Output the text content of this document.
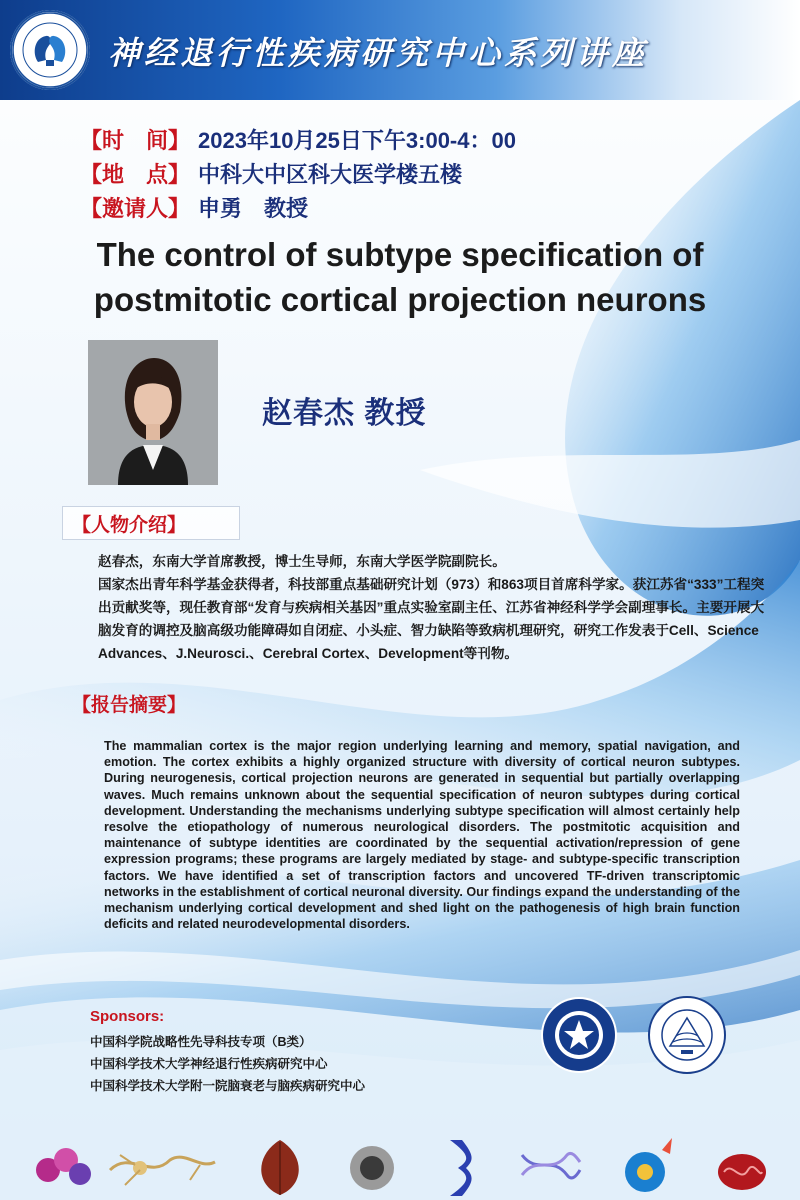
神经退行性疾病研究中心系列讲座
【时　间】 2023年10月25日下午3:00-4：00
【地　点】 中科大中区科大医学楼五楼
【邀请人】 申勇　教授
The control of subtype specification of
postmitotic cortical projection neurons
赵春杰 教授
【人物介绍】

赵春杰，东南大学首席教授，博士生导师，东南大学医学院副院长。

国家杰出青年科学基金获得者，科技部重点基础研究计划（973）和863项目首席科学家。获江苏省“333”工程突出贡献奖等，现任教育部“发育与疾病相关基因”重点实验室副主任、江苏省神经科学学会副理事长。主要开展大脑发育的调控及脑高级功能障碍如自闭症、小头症、智力缺陷等致病机理研究，研究工作发表于Cell、Science Advances、J.Neurosci.、Cerebral Cortex、Development等刊物。

【报告摘要】
The mammalian cortex is the major region underlying learning and memory, spatial navigation, and emotion. The cortex exhibits a highly organized structure with diversity of cortical neuron subtypes. During neurogenesis, cortical projection neurons are generated in sequential but partially overlapping waves. Much remains unknown about the sequential specification of neuron subtypes during cortical development. Understanding the mechanisms underlying subtype specification will almost certainly help resolve the etiopathology of numerous neurological disorders. The postmitotic acquisition and maintenance of subtype identities are coordinated by the sequential activation/repression of gene expression programs; these programs are largely mediated by stage- and subtype-specific transcription factors. We have identified a set of transcription factors and uncovered TF-driven transcriptomic networks in the establishment of cortical neuronal diversity. Our findings expand the understanding of the mechanism underlying cortical development and shed light on the pathogenesis of high brain function deficits and related neurodevelopmental disorders.
Sponsors:
中国科学院战略性先导科技专项（B类）
中国科学技术大学神经退行性疾病研究中心
中国科学技术大学附一院脑衰老与脑疾病研究中心
